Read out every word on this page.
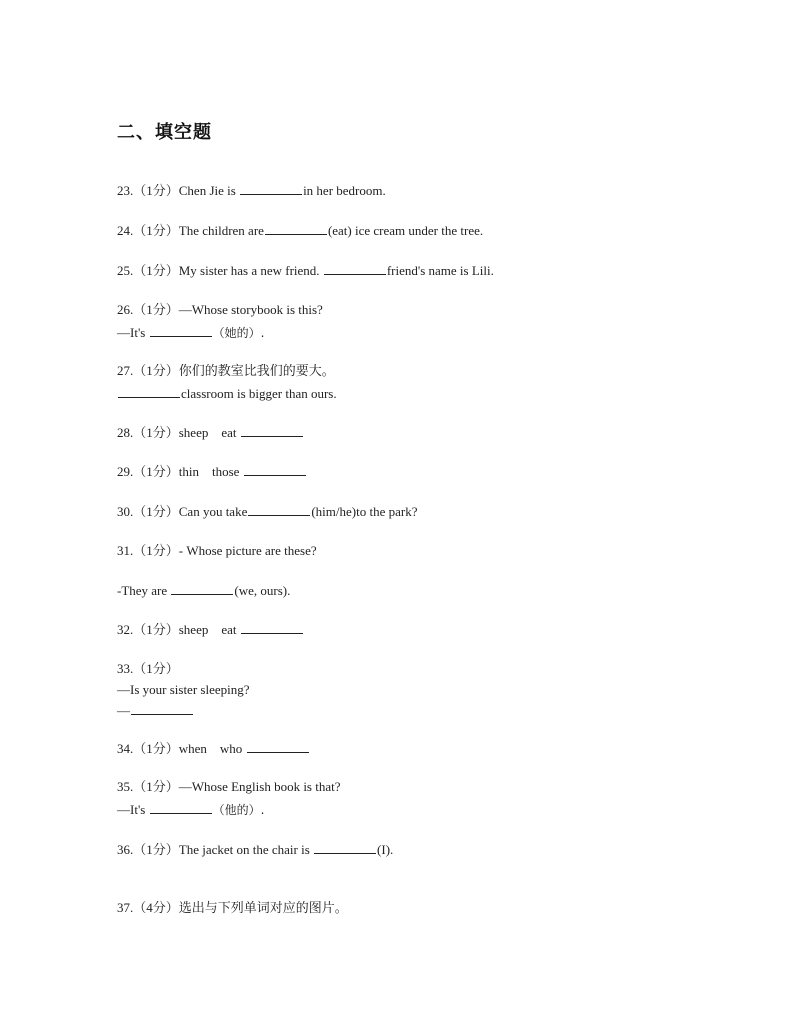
二、填空题
23.（1分）Chen Jie is	in her bedroom.
24.（1分）The children are	(eat) ice cream under the tree.
25.（1分）My sister has a new friend.	friend's name is Lili.
26.（1分）—Whose storybook is this?
—It's	（她的）.
27.（1分）你们的教室比我们的要大。
classroom is bigger than ours.
28.（1分）sheep    eat
29.（1分）thin    those
30.（1分）Can you take	(him/he)to the park?
31.（1分）- Whose picture are these?
-They are	(we, ours).
32.（1分）sheep    eat
33.（1分）
—Is your sister sleeping?
—
34.（1分）when    who
35.（1分）—Whose English book is that?
—It's	（他的）.
36.（1分）The jacket on the chair is	(I).
37.（4分）选出与下列单词对应的图片。
